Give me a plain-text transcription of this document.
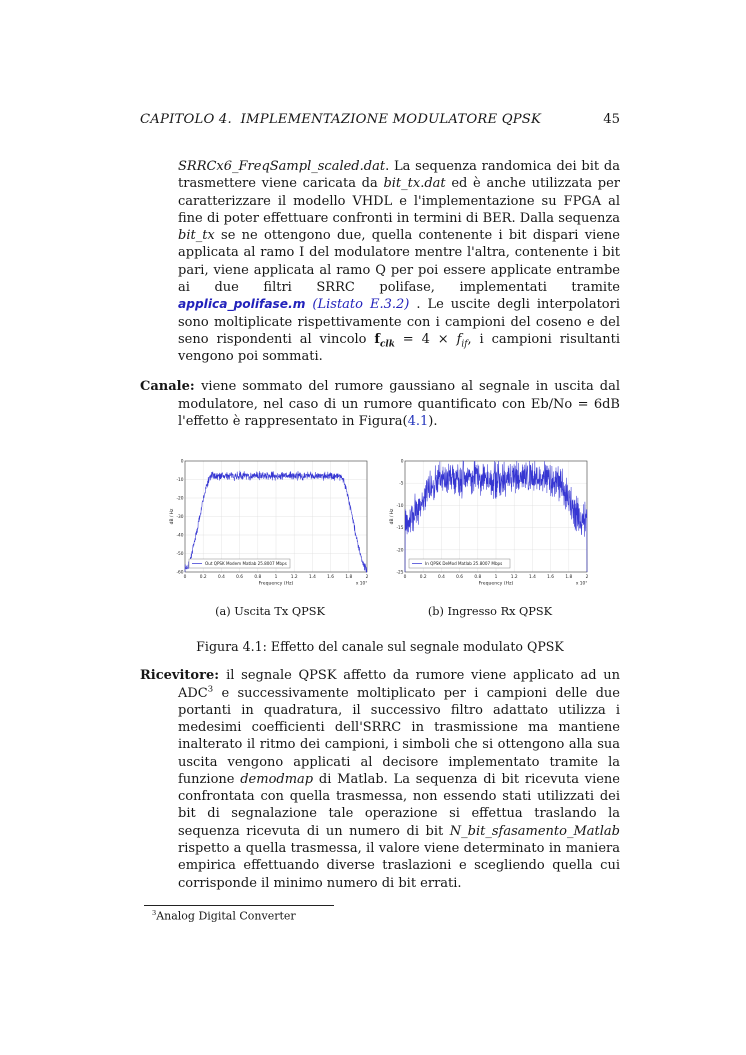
CAPITOLO 4.  IMPLEMENTAZIONE MODULATORE QPSK	45

SRRCx6_FreqSampl_scaled.dat. La sequenza randomica dei bit da trasmettere viene caricata da bit_tx.dat ed è anche utilizzata per caratterizzare il modello VHDL e l'implementazione su FPGA al fine di poter effettuare confronti in termini di BER. Dalla sequenza bit_tx se ne ottengono due, quella contenente i bit dispari viene applicata al ramo I del modulatore mentre l'altra, contenente i bit pari, viene applicata al ramo Q per poi essere applicate entrambe ai due filtri SRRC polifase, implementati tramite applica_polifase.m (Listato E.3.2) . Le uscite degli interpolatori sono moltiplicate rispettivamente con i campioni del coseno e del seno rispondenti al vincolo $f_{clk} = 4 \times f_{if}$, i campioni risultanti vengono poi sommati.

Canale: viene sommato del rumore gaussiano al segnale in uscita dal modulatore, nel caso di un rumore quantificato con Eb/No = 6dB l'effetto è rappresentato in Figura(4.1).

0	0.2	0.4	0.6	0.8	1	1.2	1.4	1.6	1.8	2
0
-10
-20
-30
-40
-50
-60
Out QPSK Modem Matlab 25.8007 Mbps
Frequency (Hz)	x 10⁷
dB / Hz
(a) Uscita Tx QPSK
0	0.2	0.4	0.6	0.8	1	1.2	1.4	1.6	1.8	2
0
-5
-10
-15
-20
-25
In QPSK DeMod Matlab 25.8007 Mbps
Frequency (Hz)	x 10⁷
dB / Hz
(b) Ingresso Rx QPSK
Figura 4.1: Effetto del canale sul segnale modulato QPSK

Ricevitore: il segnale QPSK affetto da rumore viene applicato ad un ADC$^3$ e successivamente moltiplicato per i campioni delle due portanti in quadratura, il successivo filtro adattato utilizza i medesimi coefficienti dell'SRRC in trasmissione ma mantiene inalterato il ritmo dei campioni, i simboli che si ottengono alla sua uscita vengono applicati al decisore implementato tramite la funzione demodmap di Matlab. La sequenza di bit ricevuta viene confrontata con quella trasmessa, non essendo stati utilizzati dei bit di segnalazione tale operazione si effettua traslando la sequenza ricevuta di un numero di bit N_bit_sfasamento_Matlab rispetto a quella trasmessa, il valore viene determinato in maniera empirica effettuando diverse traslazioni e scegliendo quella cui corrisponde il minimo numero di bit errati.

$^3$Analog Digital Converter
